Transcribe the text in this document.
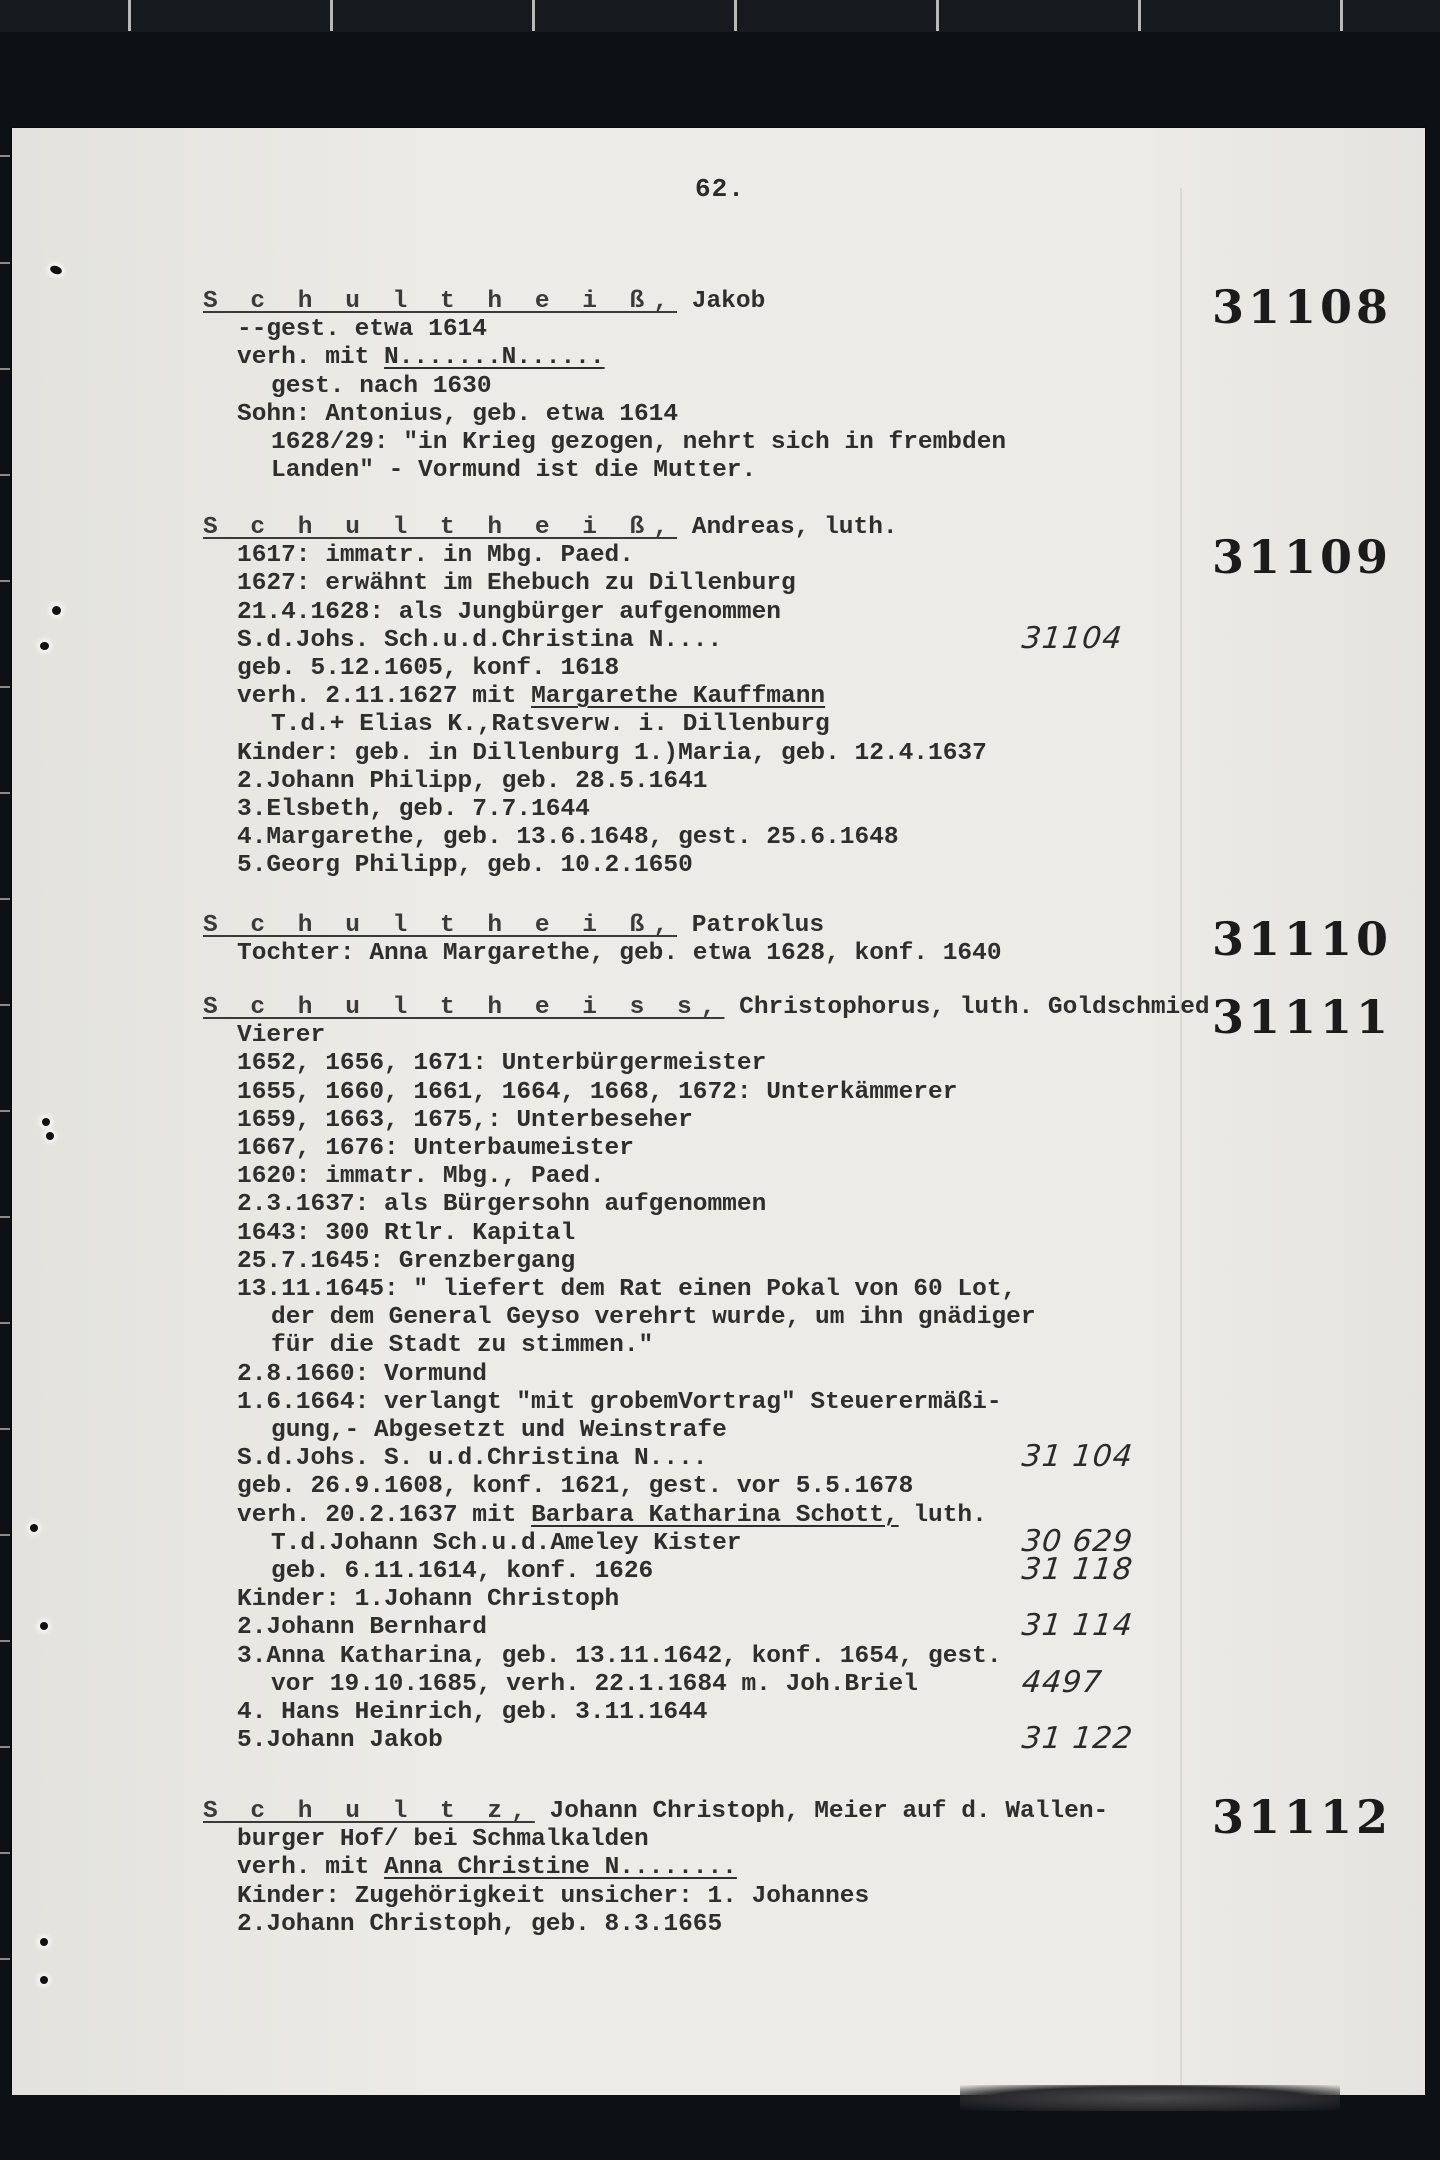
62.
S c h u l t h e i ß, Jakob
--gest. etwa 1614
verh. mit N.......N......
gest. nach 1630
Sohn: Antonius, geb. etwa 1614
1628/29: "in Krieg gezogen, nehrt sich in frembden
Landen" - Vormund ist die Mutter.
31108
S c h u l t h e i ß, Andreas, luth.
1617: immatr. in Mbg. Paed.
1627: erwähnt im Ehebuch zu Dillenburg
21.4.1628: als Jungbürger aufgenommen
S.d.Johs. Sch.u.d.Christina N....	31104
geb. 5.12.1605, konf. 1618
verh. 2.11.1627 mit Margarethe Kauffmann
T.d.+ Elias K.,Ratsverw. i. Dillenburg
Kinder: geb. in Dillenburg 1.)Maria, geb. 12.4.1637
2.Johann Philipp, geb. 28.5.1641
3.Elsbeth, geb. 7.7.1644
4.Margarethe, geb. 13.6.1648, gest. 25.6.1648
5.Georg Philipp, geb. 10.2.1650
31109
S c h u l t h e i ß, Patroklus
Tochter: Anna Margarethe, geb. etwa 1628, konf. 1640	31110
S c h u l t h e i s s, Christophorus, luth. Goldschmied
Vierer
1652, 1656, 1671: Unterbürgermeister
1655, 1660, 1661, 1664, 1668, 1672: Unterkämmerer
1659, 1663, 1675,: Unterbeseher
1667, 1676: Unterbaumeister
1620: immatr. Mbg., Paed.
2.3.1637: als Bürgersohn aufgenommen
1643: 300 Rtlr. Kapital
25.7.1645: Grenzbergang
13.11.1645: " liefert dem Rat einen Pokal von 60 Lot,
der dem General Geyso verehrt wurde, um ihn gnädiger
für die Stadt zu stimmen."
2.8.1660: Vormund
1.6.1664: verlangt "mit grobemVortrag" Steuerermäßi-
gung,- Abgesetzt und Weinstrafe
S.d.Johs. S. u.d.Christina N....	31 104
geb. 26.9.1608, konf. 1621, gest. vor 5.5.1678
verh. 20.2.1637 mit Barbara Katharina Schott, luth.
T.d.Johann Sch.u.d.Ameley Kister	30 629
geb. 6.11.1614, konf. 1626	31 118
Kinder: 1.Johann Christoph
2.Johann Bernhard	31 114
3.Anna Katharina, geb. 13.11.1642, konf. 1654, gest.
vor 19.10.1685, verh. 22.1.1684 m. Joh.Briel	4497
4. Hans Heinrich, geb. 3.11.1644
5.Johann Jakob	31 122
31111
S c h u l t z, Johann Christoph, Meier auf d. Wallen-
burger Hof/ bei Schmalkalden
verh. mit Anna Christine N........
Kinder: Zugehörigkeit unsicher: 1. Johannes
2.Johann Christoph, geb. 8.3.1665
31112
